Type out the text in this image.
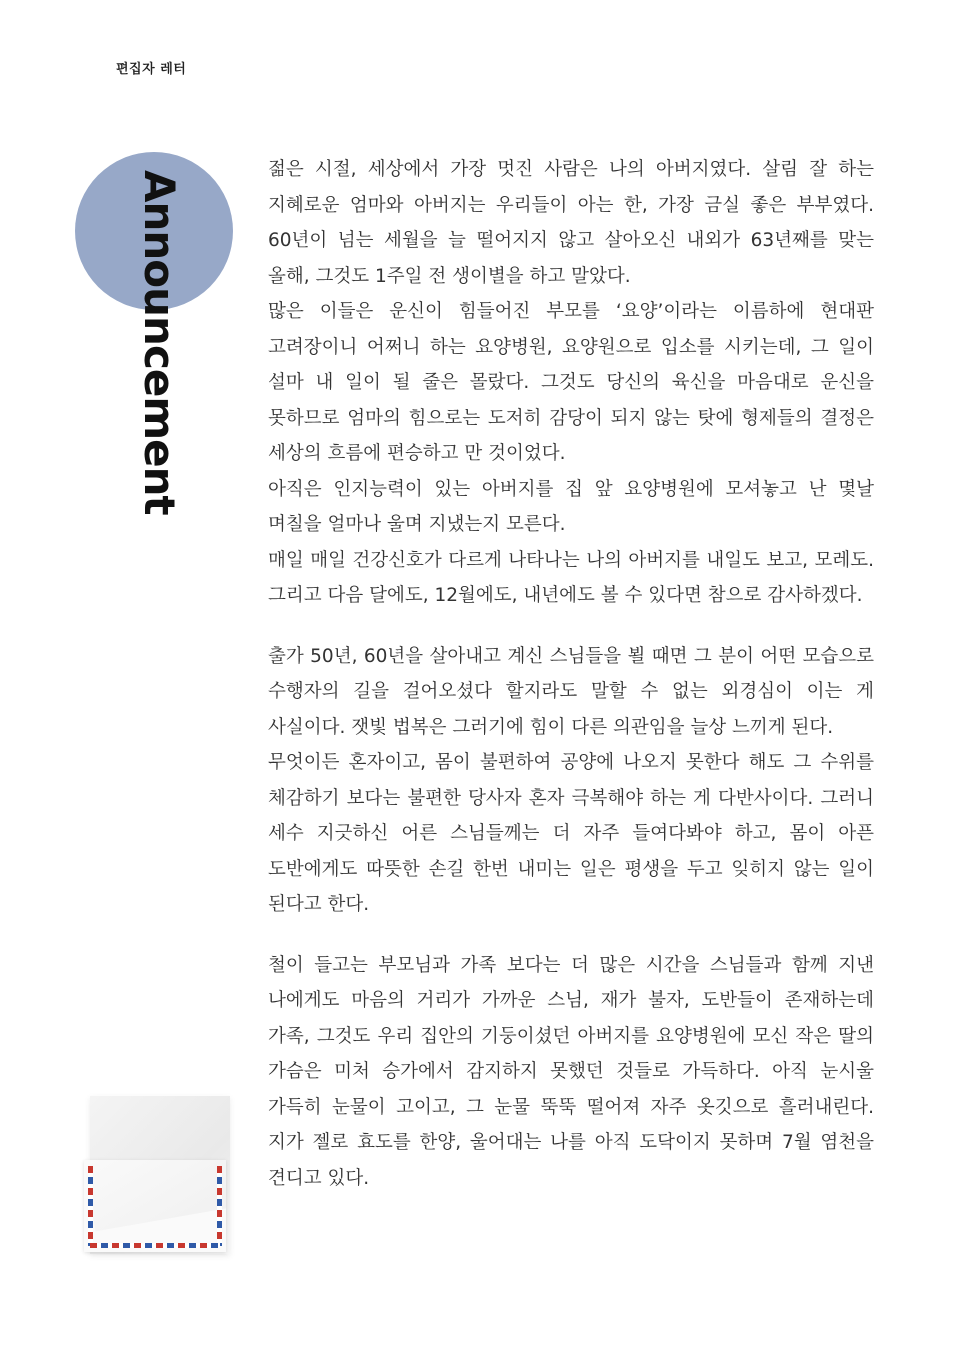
편집자 레터
Announcement

젊은 시절, 세상에서 가장 멋진 사람은 나의 아버지였다. 살림 잘 하는 지혜로운 엄마와 아버지는 우리들이 아는 한, 가장 금실 좋은 부부였다. 60년이 넘는 세월을 늘 떨어지지 않고 살아오신 내외가 63년째를 맞는 올해, 그것도 1주일 전 생이별을 하고 말았다.

많은 이들은 운신이 힘들어진 부모를 ‘요양’이라는 이름하에 현대판 고려장이니 어쩌니 하는 요양병원, 요양원으로 입소를 시키는데, 그 일이 설마 내 일이 될 줄은 몰랐다. 그것도 당신의 육신을 마음대로 운신을 못하므로 엄마의 힘으로는 도저히 감당이 되지 않는 탓에 형제들의 결정은 세상의 흐름에 편승하고 만 것이었다.

아직은 인지능력이 있는 아버지를 집 앞 요양병원에 모셔놓고 난 몇날 며칠을 얼마나 울며 지냈는지 모른다.

매일 매일 건강신호가 다르게 나타나는 나의 아버지를 내일도 보고, 모레도. 그리고 다음 달에도, 12월에도, 내년에도 볼 수 있다면 참으로 감사하겠다.

출가 50년, 60년을 살아내고 계신 스님들을 뵐 때면 그 분이 어떤 모습으로 수행자의 길을 걸어오셨다 할지라도 말할 수 없는 외경심이 이는 게 사실이다. 잿빛 법복은 그러기에 힘이 다른 의관임을 늘상 느끼게 된다.

무엇이든 혼자이고, 몸이 불편하여 공양에 나오지 못한다 해도 그 수위를 체감하기 보다는 불편한 당사자 혼자 극복해야 하는 게 다반사이다. 그러니 세수 지긋하신 어른 스님들께는 더 자주 들여다봐야 하고, 몸이 아픈 도반에게도 따뜻한 손길 한번 내미는 일은 평생을 두고 잊히지 않는 일이 된다고 한다.

철이 들고는 부모님과 가족 보다는 더 많은 시간을 스님들과 함께 지낸 나에게도 마음의 거리가 가까운 스님, 재가 불자, 도반들이 존재하는데 가족, 그것도 우리 집안의 기둥이셨던 아버지를 요양병원에 모신 작은 딸의 가슴은 미처 승가에서 감지하지 못했던 것들로 가득하다. 아직 눈시울 가득히 눈물이 고이고, 그 눈물 뚝뚝 떨어져 자주 옷깃으로 흘러내린다. 지가 젤로 효도를 한양, 울어대는 나를 아직 도닥이지 못하며 7월 염천을 견디고 있다.
